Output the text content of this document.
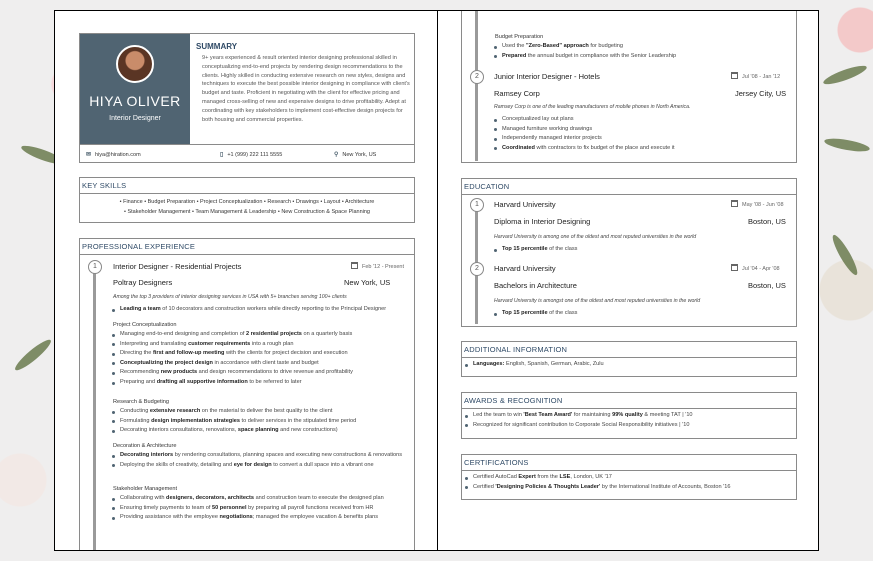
HIYA OLIVER
Interior Designer
SUMMARY
9+ years experienced & result oriented interior designing professional skilled in conceptualizing end-to-end projects by rendering design recommendations to the clients. Highly skilled in conducting extensive research on new styles, designs and techniques to execute the best possible interior designing in compliance with client's budget and taste. Proficient in negotiating with the client for effective pricing and managed cross-selling of new and expensive designs to drive profitability. Adept at coordinating with key stakeholders to implement cost-effective design projects for both housing and commercial properties.
✉ hiya@hiration.com	▯ +1 (999) 222 111 5555	⚲ New York, US
KEY SKILLS
• Finance • Budget Preparation • Project Conceptualization • Research • Drawings • Layout • Architecture
• Stakeholder Management • Team Management & Leadership • New Construction & Space Planning
PROFESSIONAL EXPERIENCE
1	Interior Designer - Residential Projects	Feb '12 - Present
Poltray Designers	New York, US
Among the top 3 providers of interior designing services in USA with 5+ branches serving 100+ clients
Leading a team of 10 decorators and construction workers while directly reporting to the Principal Designer
Project Conceptualization
Managing end-to-end designing and completion of 2 residential projects on a quarterly basis
Interpreting and translating customer requirements into a rough plan
Directing the first and follow-up meeting with the clients for project decision and execution
Conceptualizing the project design in accordance with client taste and budget
Recommending new products and design recommendations to drive revenue and profitability
Preparing and drafting all supportive information to be referred to later
Research & Budgeting
Conducting extensive research on the material to deliver the best quality to the client
Formulating design implementation strategies to deliver services in the stipulated time period
Decorating interiors consultations, renovations, space planning and new constructions)
Decoration & Architecture
Decorating interiors by rendering consultations, planning spaces and executing new constructions & renovations
Deploying the skills of creativity, detailing and eye for design to convert a dull space into a vibrant one
Stakeholder Management
Collaborating with designers, decorators, architects and construction team to execute the designed plan
Ensuring timely payments to team of 50 personnel by preparing all payroll functions received from HR
Providing assistance with the employee negotiations; managed the employee vacation & benefits plans
Budget Preparation
Used the "Zero-Based" approach for budgeting
Prepared the annual budget in compliance with the Senior Leadership
2	Junior Interior Designer - Hotels	Jul '08 - Jan '12
Ramsey Corp	Jersey City, US
Ramsey Corp is one of the leading manufacturers of mobile phones in North America.
Conceptualized lay out plans
Managed furniture working drawings
Independently managed interior projects
Coordinated with contractors to fix budget of the place and execute it
EDUCATION
1	Harvard University	May '08 - Jun '08
Diploma in Interior Designing	Boston, US
Harvard University is among one of the oldest and most reputed universities in the world
Top 15 percentile of the class
2	Harvard University	Jul '04 - Apr '08
Bachelors in Architecture	Boston, US
Harvard University is amongst one of the oldest and most reputed universities in the world
Top 15 percentile of the class
ADDITIONAL INFORMATION
Languages: English, Spanish, German, Arabic, Zulu
AWARDS & RECOGNITION
Led the team to win 'Best Team Award' for maintaining 99% quality & meeting TAT | '10
Recognized for significant contribution to Corporate Social Responsibility initiatives | '10
CERTIFICATIONS
Certified AutoCad Expert from the LSE, London, UK '17
Certified 'Designing Policies & Thoughts Leader' by the International Institute of Accounts, Boston '16
